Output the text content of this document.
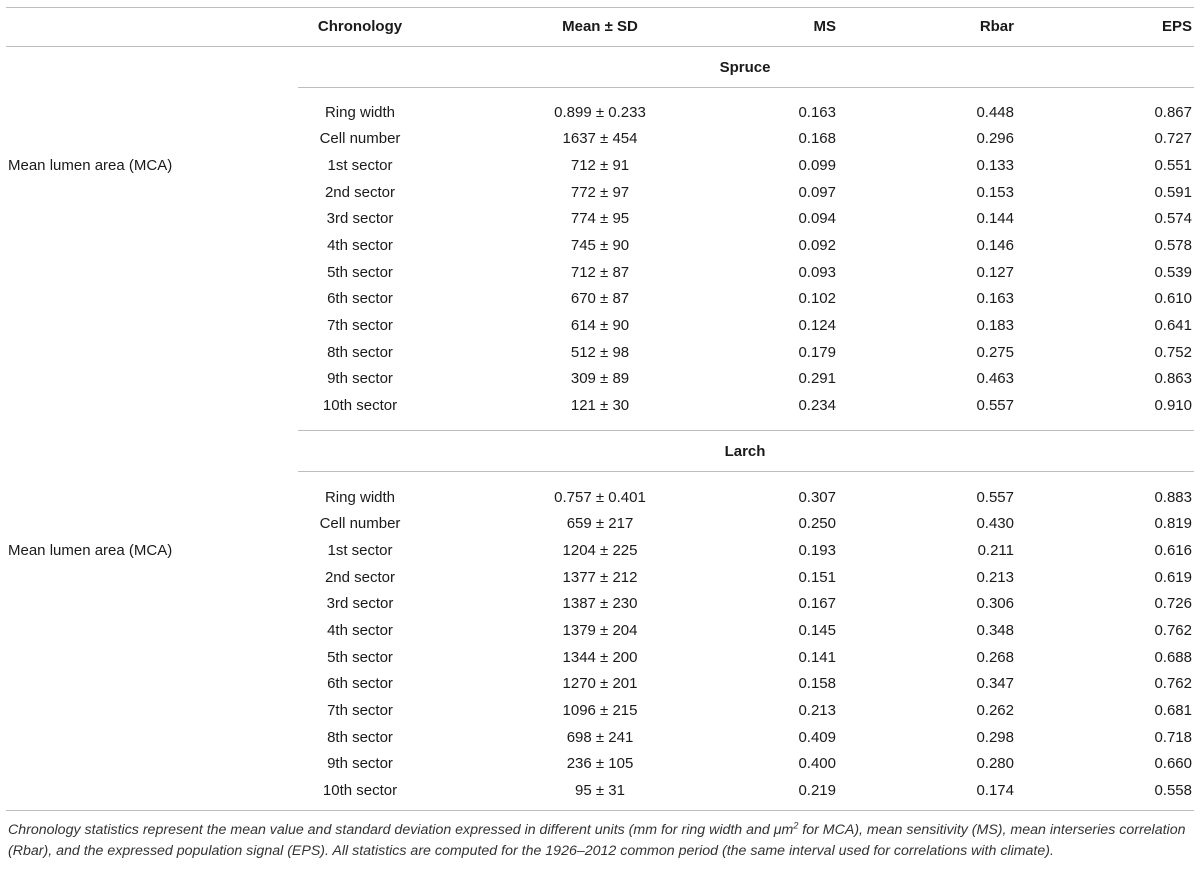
Chronology	Mean ± SD	MS	Rbar	EPS
Spruce
Mean lumen area (MCA)
Ring width	0.899 ± 0.233	0.163	0.448	0.867
Cell number	1637 ± 454	0.168	0.296	0.727
1st sector	712 ± 91	0.099	0.133	0.551
2nd sector	772 ± 97	0.097	0.153	0.591
3rd sector	774 ± 95	0.094	0.144	0.574
4th sector	745 ± 90	0.092	0.146	0.578
5th sector	712 ± 87	0.093	0.127	0.539
6th sector	670 ± 87	0.102	0.163	0.610
7th sector	614 ± 90	0.124	0.183	0.641
8th sector	512 ± 98	0.179	0.275	0.752
9th sector	309 ± 89	0.291	0.463	0.863
10th sector	121 ± 30	0.234	0.557	0.910
Larch
Mean lumen area (MCA)
Ring width	0.757 ± 0.401	0.307	0.557	0.883
Cell number	659 ± 217	0.250	0.430	0.819
1st sector	1204 ± 225	0.193	0.211	0.616
2nd sector	1377 ± 212	0.151	0.213	0.619
3rd sector	1387 ± 230	0.167	0.306	0.726
4th sector	1379 ± 204	0.145	0.348	0.762
5th sector	1344 ± 200	0.141	0.268	0.688
6th sector	1270 ± 201	0.158	0.347	0.762
7th sector	1096 ± 215	0.213	0.262	0.681
8th sector	698 ± 241	0.409	0.298	0.718
9th sector	236 ± 105	0.400	0.280	0.660
10th sector	95 ± 31	0.219	0.174	0.558
Chronology statistics represent the mean value and standard deviation expressed in different units (mm for ring width and $\mu m^2$ for MCA), mean sensitivity (MS), mean interseries correlation (Rbar), and the expressed population signal (EPS). All statistics are computed for the 1926–2012 common period (the same interval used for correlations with climate).
